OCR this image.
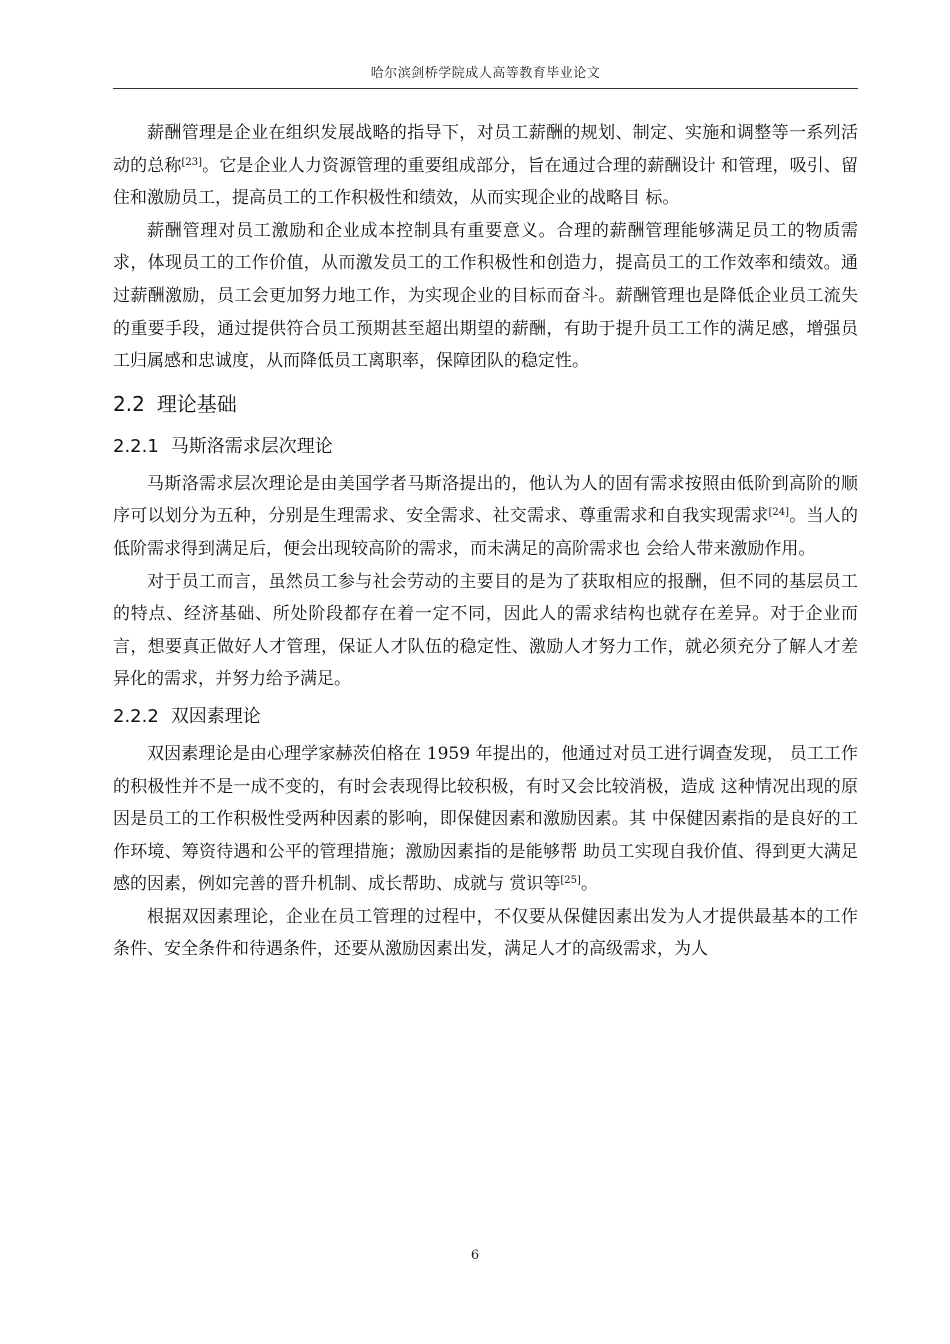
哈尔滨剑桥学院成人高等教育毕业论文

薪酬管理是企业在组织发展战略的指导下，对员工薪酬的规划、制定、实施和调整等一系列活动的总称[23]。它是企业人力资源管理的重要组成部分，旨在通过合理的薪酬设计 和管理，吸引、留住和激励员工，提高员工的工作积极性和绩效，从而实现企业的战略目 标。

薪酬管理对员工激励和企业成本控制具有重要意义。合理的薪酬管理能够满足员工的物质需求，体现员工的工作价值，从而激发员工的工作积极性和创造力，提高员工的工作效率和绩效。通过薪酬激励，员工会更加努力地工作，为实现企业的目标而奋斗。薪酬管理也是降低企业员工流失的重要手段，通过提供符合员工预期甚至超出期望的薪酬，有助于提升员工工作的满足感，增强员工归属感和忠诚度，从而降低员工离职率，保障团队的稳定性。

2.2 理论基础
2.2.1 马斯洛需求层次理论

马斯洛需求层次理论是由美国学者马斯洛提出的，他认为人的固有需求按照由低阶到高阶的顺序可以划分为五种，分别是生理需求、安全需求、社交需求、尊重需求和自我实现需求[24]。当人的低阶需求得到满足后，便会出现较高阶的需求，而未满足的高阶需求也 会给人带来激励作用。

对于员工而言，虽然员工参与社会劳动的主要目的是为了获取相应的报酬，但不同的基层员工的特点、经济基础、所处阶段都存在着一定不同，因此人的需求结构也就存在差异。对于企业而言，想要真正做好人才管理，保证人才队伍的稳定性、激励人才努力工作，就必须充分了解人才差异化的需求，并努力给予满足。

2.2.2 双因素理论

双因素理论是由心理学家赫茨伯格在 1959 年提出的，他通过对员工进行调查发现， 员工工作的积极性并不是一成不变的，有时会表现得比较积极，有时又会比较消极，造成 这种情况出现的原因是员工的工作积极性受两种因素的影响，即保健因素和激励因素。其 中保健因素指的是良好的工作环境、筹资待遇和公平的管理措施；激励因素指的是能够帮 助员工实现自我价值、得到更大满足感的因素，例如完善的晋升机制、成长帮助、成就与 赏识等[25]。

根据双因素理论，企业在员工管理的过程中，不仅要从保健因素出发为人才提供最基本的工作条件、安全条件和待遇条件，还要从激励因素出发，满足人才的高级需求，为人

6
